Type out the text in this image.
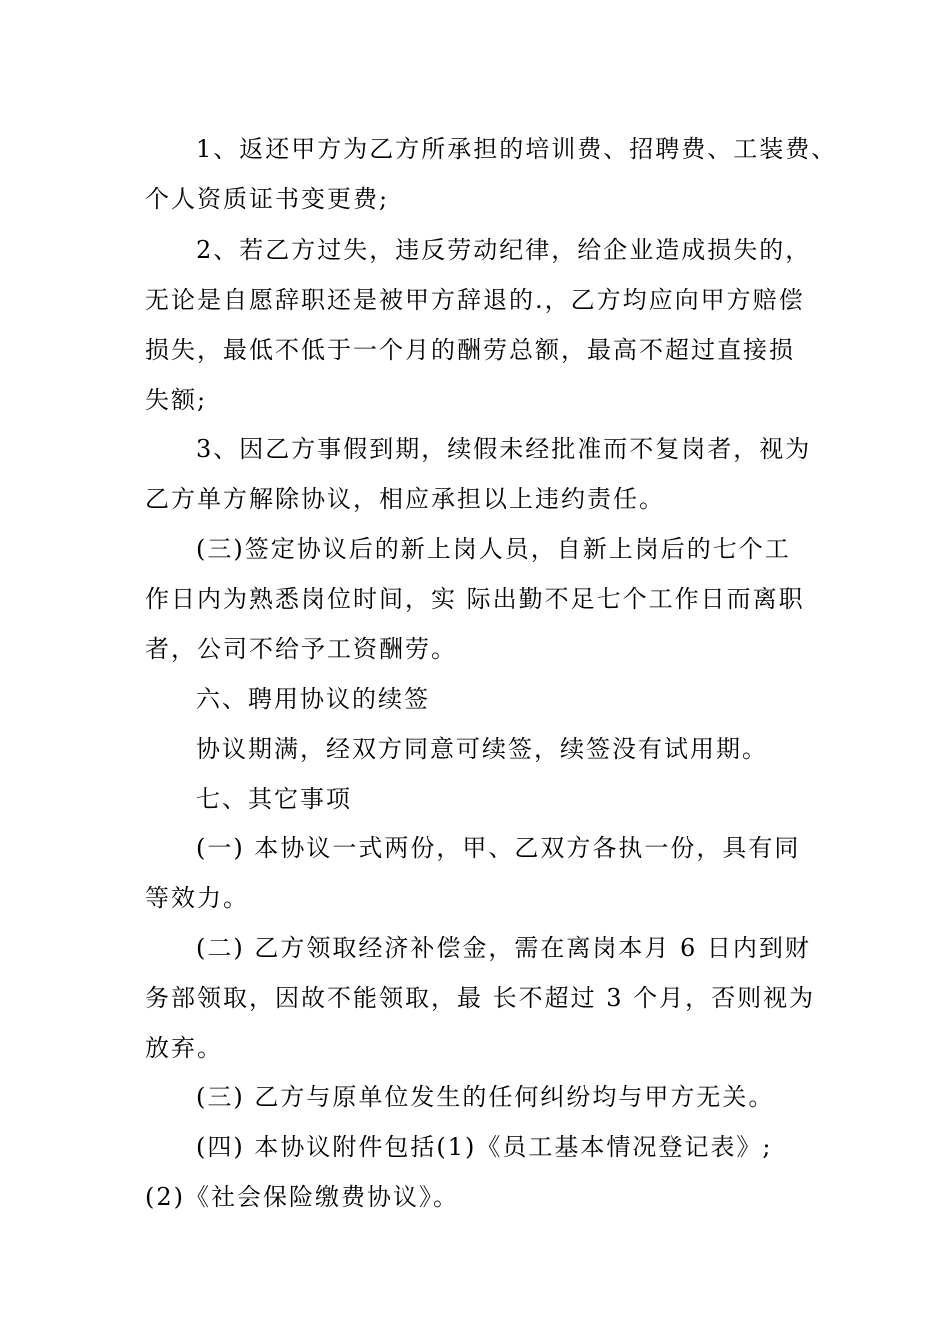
1、返还甲方为乙方所承担的培训费、招聘费、工装费、
个人资质证书变更费;
2、若乙方过失，违反劳动纪律，给企业造成损失的，
无论是自愿辞职还是被甲方辞退的.，乙方均应向甲方赔偿
损失，最低不低于一个月的酬劳总额，最高不超过直接损
失额;
3、因乙方事假到期，续假未经批准而不复岗者，视为
乙方单方解除协议，相应承担以上违约责任。
(三)签定协议后的新上岗人员，自新上岗后的七个工
作日内为熟悉岗位时间，实 际出勤不足七个工作日而离职
者，公司不给予工资酬劳。
六、聘用协议的续签
协议期满，经双方同意可续签，续签没有试用期。
七、其它事项
(一) 本协议一式两份，甲、乙双方各执一份，具有同
等效力。
(二) 乙方领取经济补偿金，需在离岗本月 6 日内到财
务部领取，因故不能领取，最 长不超过 3 个月，否则视为
放弃。
(三) 乙方与原单位发生的任何纠纷均与甲方无关。
(四) 本协议附件包括(1)《员工基本情况登记表》;
(2)《社会保险缴费协议》。
